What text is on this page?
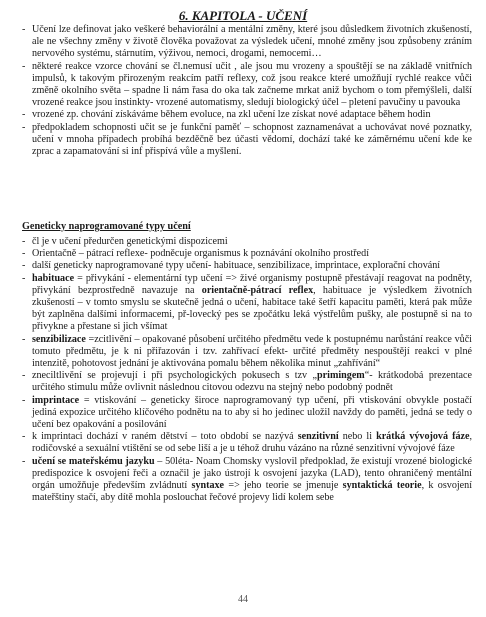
6. KAPITOLA - UČENÍ
- Učení lze definovat jako veškeré behaviorální a mentální změny, které jsou důsledkem životních zkušeností, ale ne všechny změny v životě člověka považovat za výsledek učení, mnohé změny jsou způsobeny zráním nervového systému, stárnutím, výživou, nemoci, drogami, nemocemi…
- některé reakce vzorce chování se čl.nemusí učit , ale jsou mu vrozeny a spouštějí se na základě vnitřních impulsů, k takovým přirozeným reakcím patří reflexy, což jsou reakce které umožňují rychlé reakce vůči změně okolního světa – spadne li nám řasa do oka tak začneme mrkat aniž bychom o tom přemýšleli, další vrozené reakce jsou instinkty- vrozené automatismy, sledují biologický účel – pletení pavučiny u pavouka
- vrozené zp. chování získáváme během evoluce, na zkl učení lze získat nové adaptace během hodin
- předpokladem schopnosti učit se je funkční paměť – schopnost zaznamenávat a uchovávat nové poznatky, učení v mnoha případech probíhá bezděčně bez účasti vědomí, dochází také ke záměrnému učení kde ke zprac a zapamatování si inf přispívá vůle a myšlení.
Geneticky naprogramované typy učení
- čl je v učení předurčen genetickými dispozicemi
- Orientačně – pátrací reflexe- podněcuje organismus k poznávání okolního prostředí
- další geneticky naprogramované typy učení- habituace, senzibilizace, imprintace, explorační chování
- habituace = přivykání - elementární typ učení => živé organismy postupně přestávají reagovat na podněty, přivykání bezprostředně navazuje na orientačně-pátrací reflex, habituace je výsledkem životních zkušeností – v tomto smyslu se skutečně jedná o učení, habitace také šetří kapacitu paměti, která pak může být zaplněna dalšími informacemi, př-lovecký pes se zpočátku leká výstřelům pušky, ale postupně si na to přivykne a přestane si jich všímat
- senzibilizace =zcitlivění – opakované působení určitého předmětu vede k postupnému narůstání reakce vůči tomuto předmětu, je k ni přiřazován i tzv. zahřívací efekt- určité předměty nespouštějí reakci v plné intenzitě, pohotovost jednání je aktivována pomalu během několika minut „zahřívání“
- zneciltlivění se projevují i při psychologických pokusech s tzv „primingem“- krátkodobá prezentace určitého stimulu může ovlivnit následnou citovou odezvu na stejný nebo podobný podnět
- imprintace = vtiskování – geneticky široce naprogramovaný typ učení, při vtiskování obvykle postačí jediná expozice určitého klíčového podnětu na to aby si ho jedinec uložil navždy do paměti, jedná se tedy o učení bez opakování a posilování
- k imprintaci dochází v raném dětství – toto období se nazývá senzitivní nebo li krátká vývojová fáze, rodičovské a sexuální vtištění se od sebe liší a je u téhož druhu vázáno na různé senzitivní vývojové fáze
- učení se mateřskému jazyku – 50léta- Noam Chomsky vyslovil předpoklad, že existují vrozené biologické predispozice k osvojení řeči a označil je jako ústrojí k osvojení jazyka (LAD), tento ohraničený mentální orgán umožňuje především zvládnutí syntaxe => jeho teorie se jmenuje syntaktická teorie, k osvojení mateřštiny stačí, aby dítě mohla poslouchat řečové projevy lidí kolem sebe
44
